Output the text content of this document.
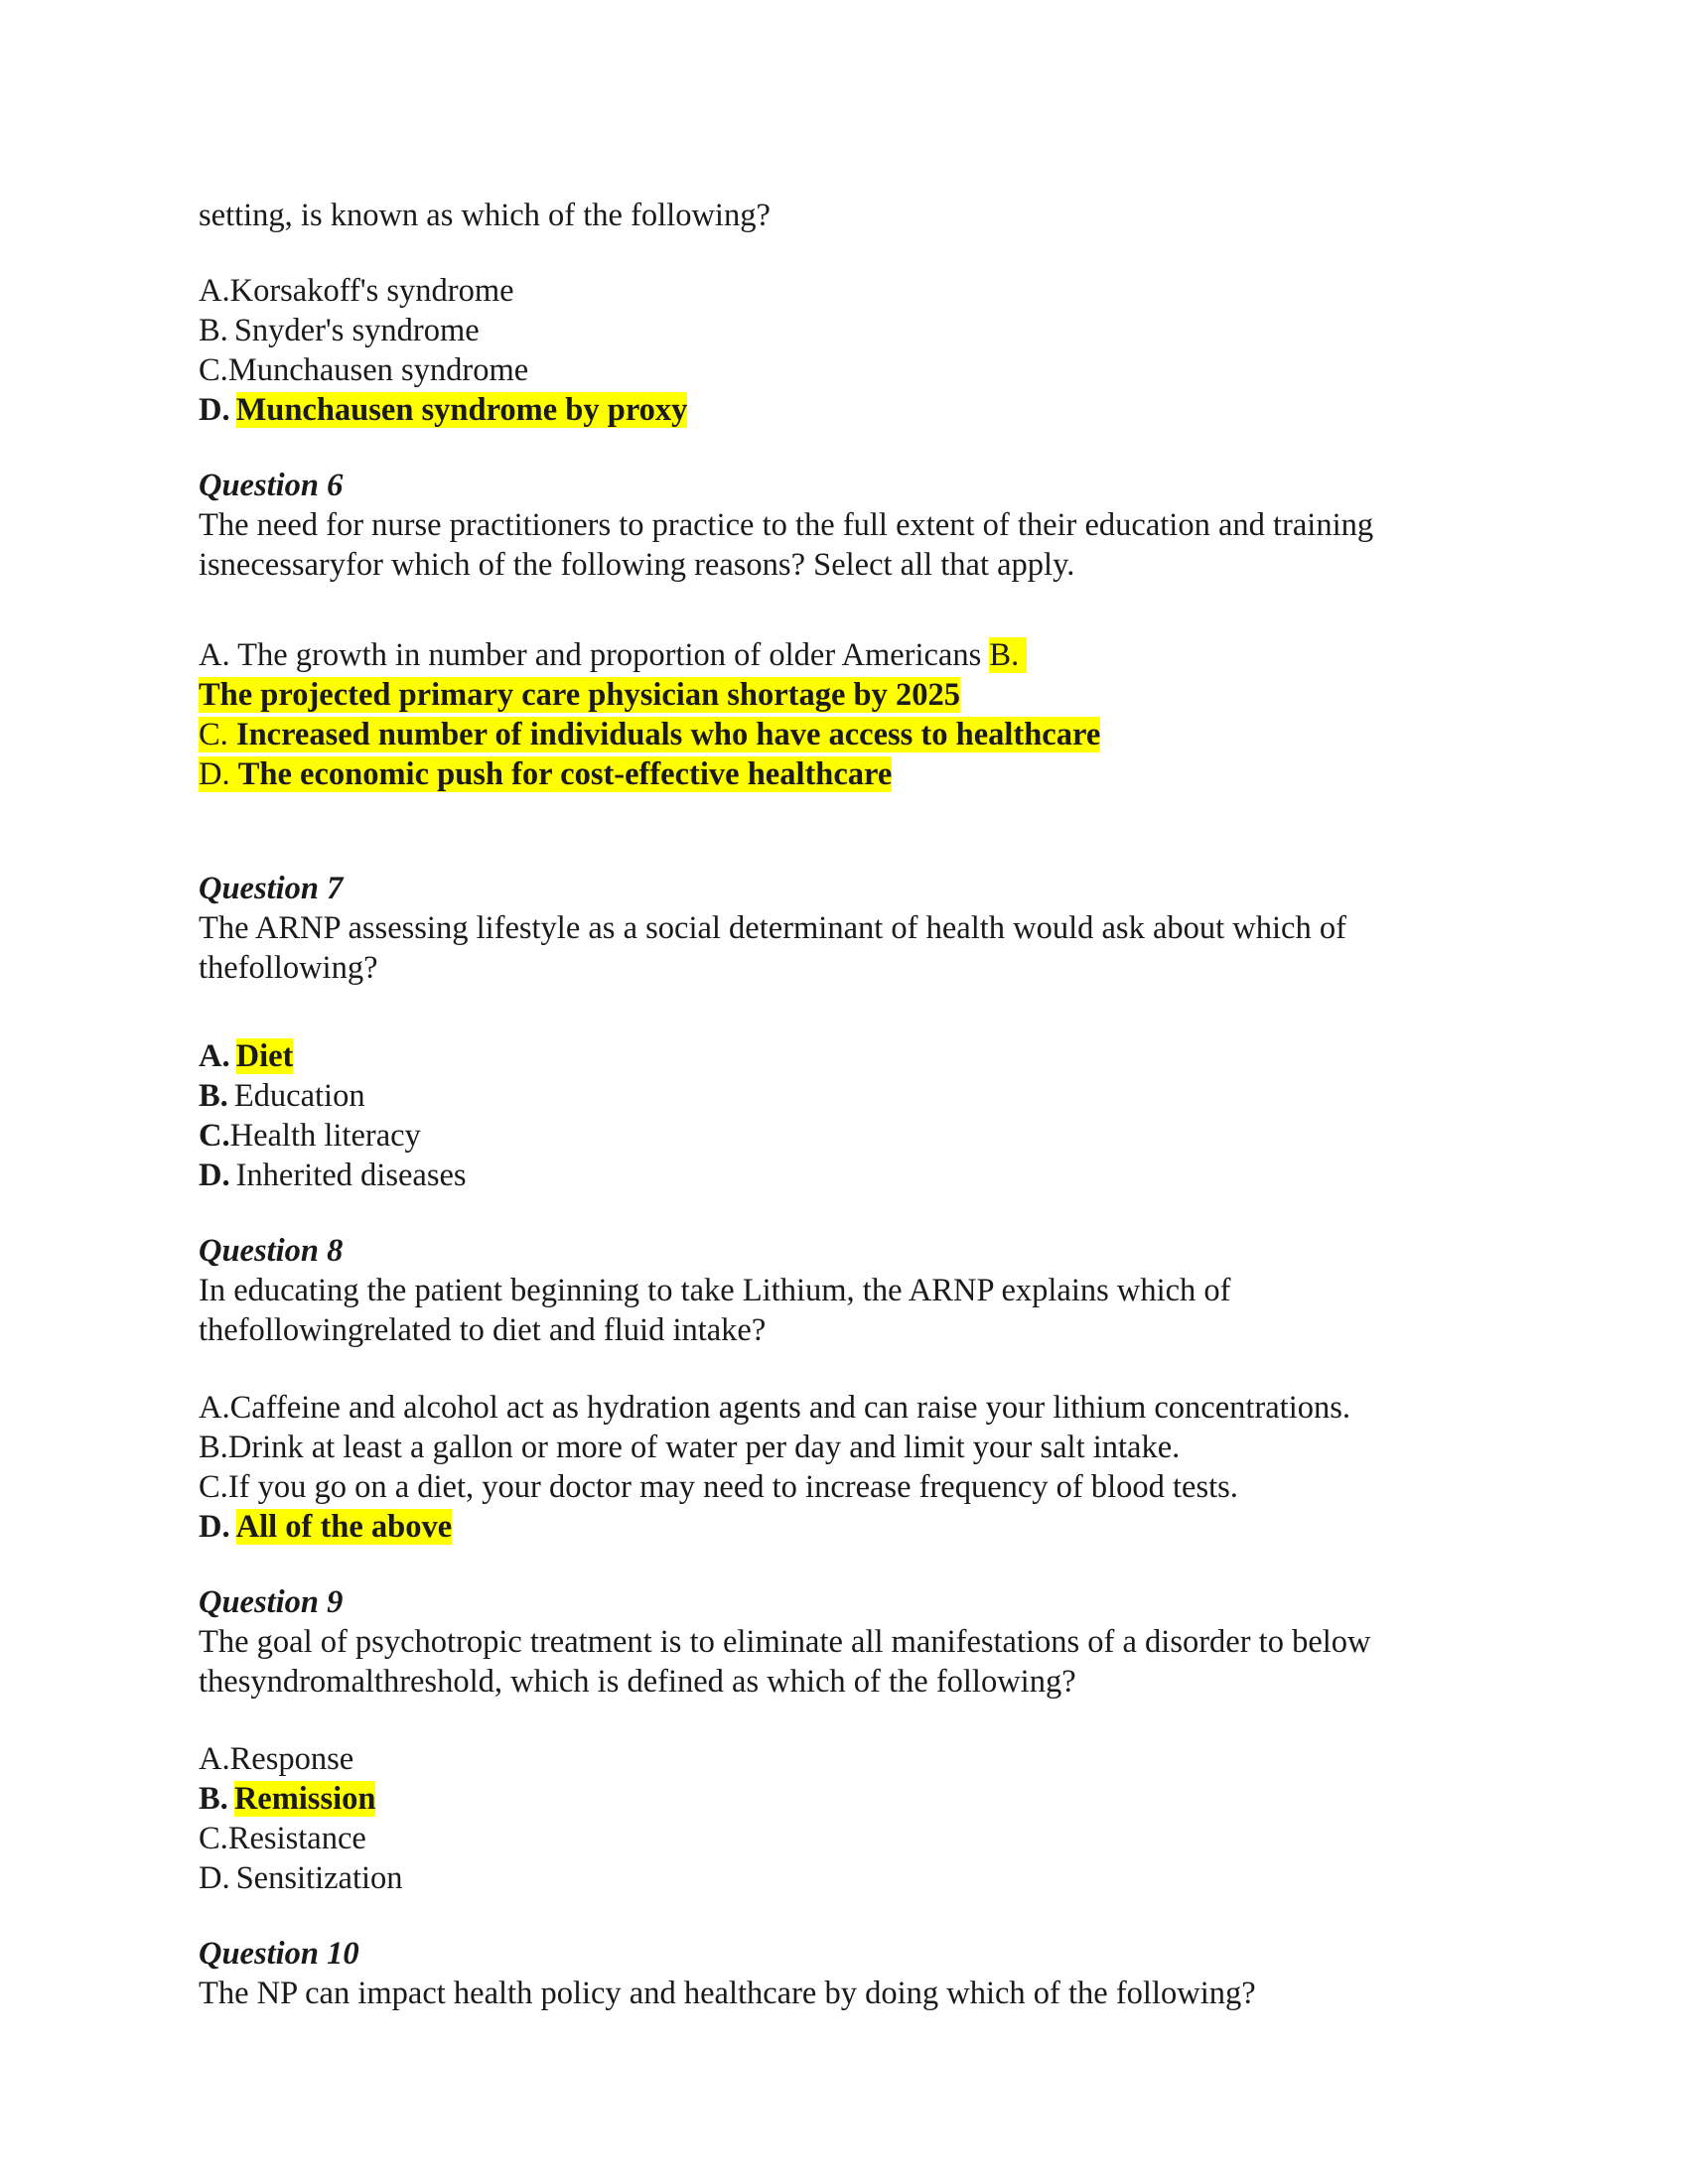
setting, is known as which of the following?

A.Korsakoff's syndrome

B. Snyder's syndrome

C.Munchausen syndrome

D. Munchausen syndrome by proxy

Question 6

The need for nurse practitioners to practice to the full extent of their education and training

isnecessaryfor which of the following reasons? Select all that apply.

A. The growth in number and proportion of older Americans B.

The projected primary care physician shortage by 2025

C. Increased number of individuals who have access to healthcare

D. The economic push for cost-effective healthcare

Question 7

The ARNP assessing lifestyle as a social determinant of health would ask about which of

thefollowing?

A. Diet

B. Education

C.Health literacy

D. Inherited diseases

Question 8

In educating the patient beginning to take Lithium, the ARNP explains which of

thefollowingrelated to diet and fluid intake?

A.Caffeine and alcohol act as hydration agents and can raise your lithium concentrations.

B.Drink at least a gallon or more of water per day and limit your salt intake.

C.If you go on a diet, your doctor may need to increase frequency of blood tests.

D. All of the above

Question 9

The goal of psychotropic treatment is to eliminate all manifestations of a disorder to below

thesyndromalthreshold, which is defined as which of the following?

A.Response

B. Remission

C.Resistance

D. Sensitization

Question 10

The NP can impact health policy and healthcare by doing which of the following?
